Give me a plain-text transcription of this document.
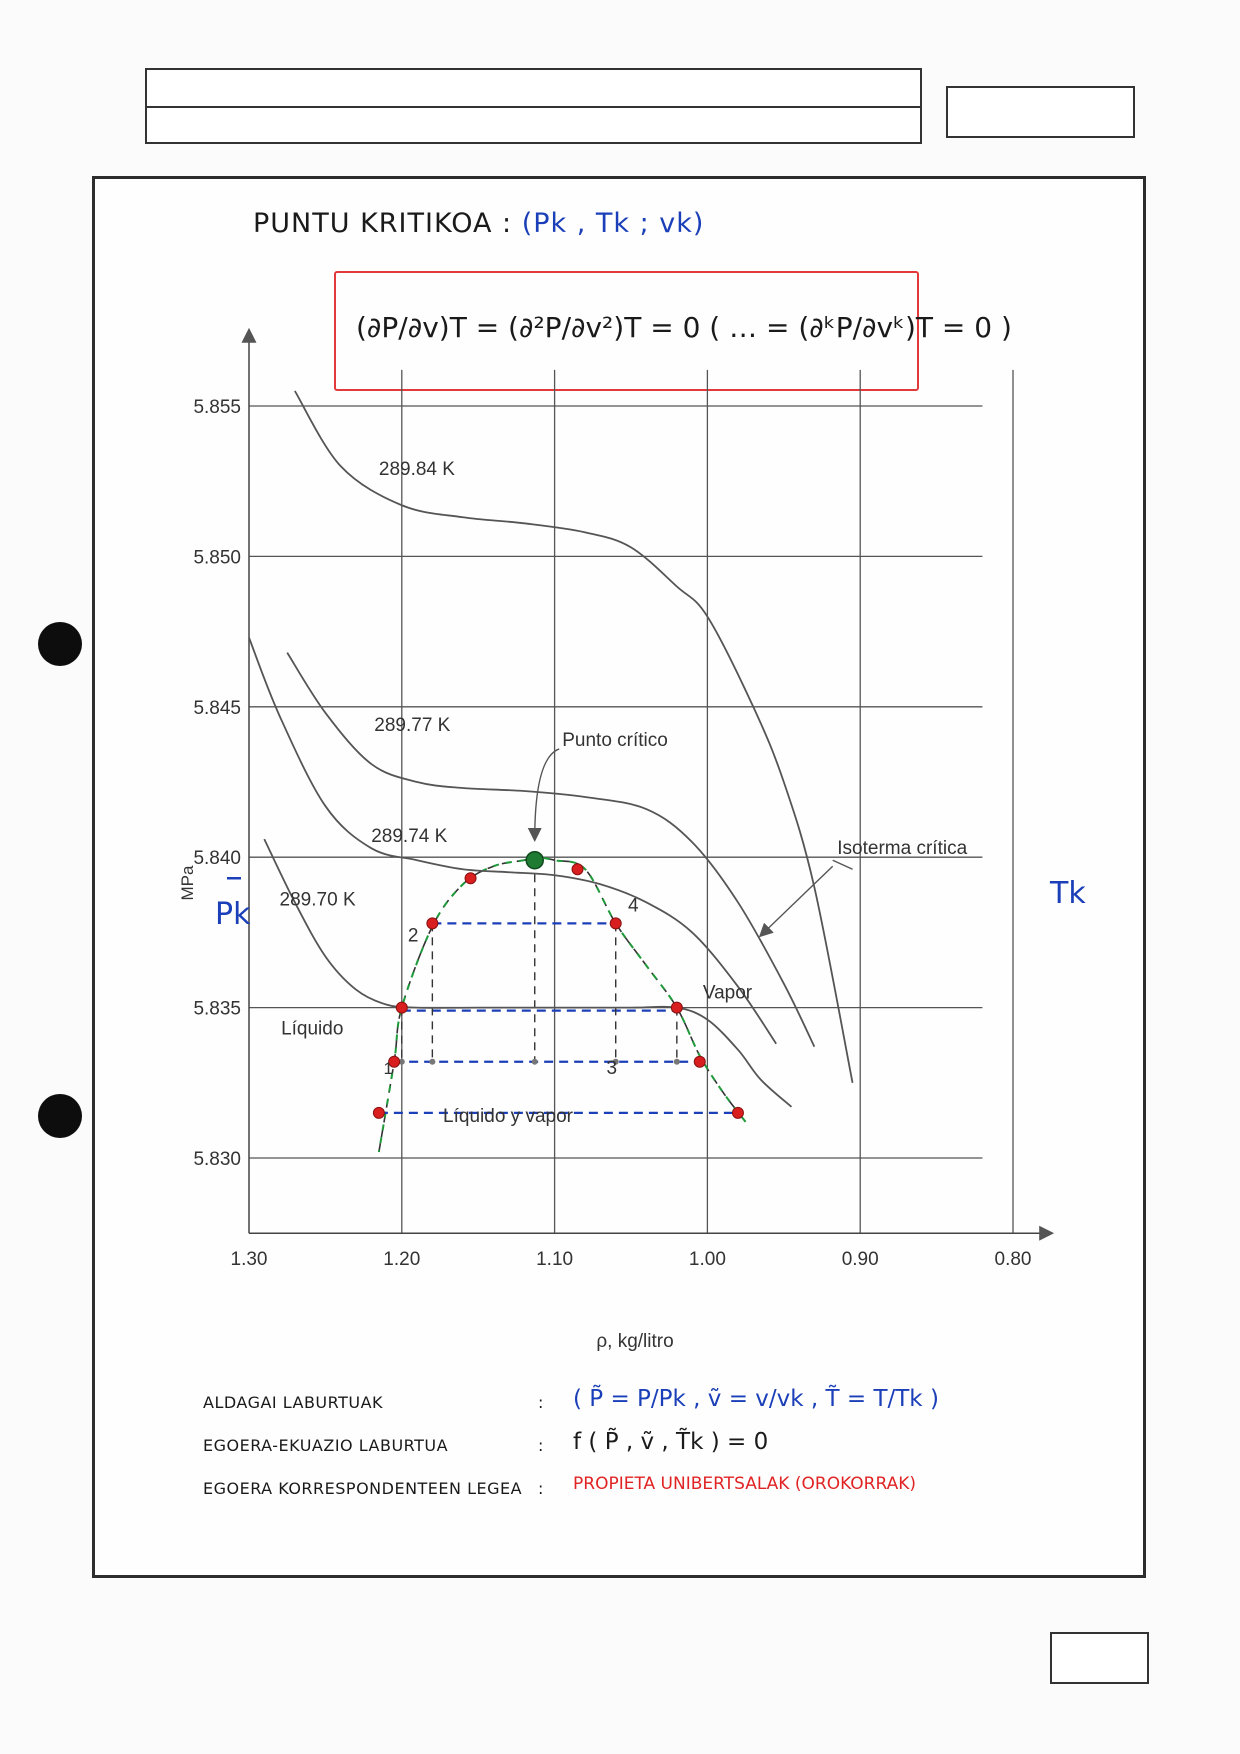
PUNTU KRITIKOA : (Pk , Tk ; vk)
(∂P/∂v)T = (∂²P/∂v²)T = 0 ( … = (∂ᵏP/∂vᵏ)T = 0 )
1.30	1.20	1.10	1.00	0.90	0.80
5.830
5.835
5.840
5.845
5.850
5.855
289.84 K
289.77 K
289.74 K
289.70 K
Punto crítico
Isoterma crítica
Vapor
Líquido
Líquido y vapor
1
2
3
4
MPa
ρ, kg/litro
Pk
Tk
ALDAGAI LABURTUAK	: ( P̃ = P/Pk , ṽ = v/vk , T̃ = T/Tk )
EGOERA-EKUAZIO LABURTUA	: f ( P̃ , ṽ , T̃k ) = 0
EGOERA KORRESPONDENTEEN LEGEA : PROPIETA UNIBERTSALAK (OROKORRAK)
